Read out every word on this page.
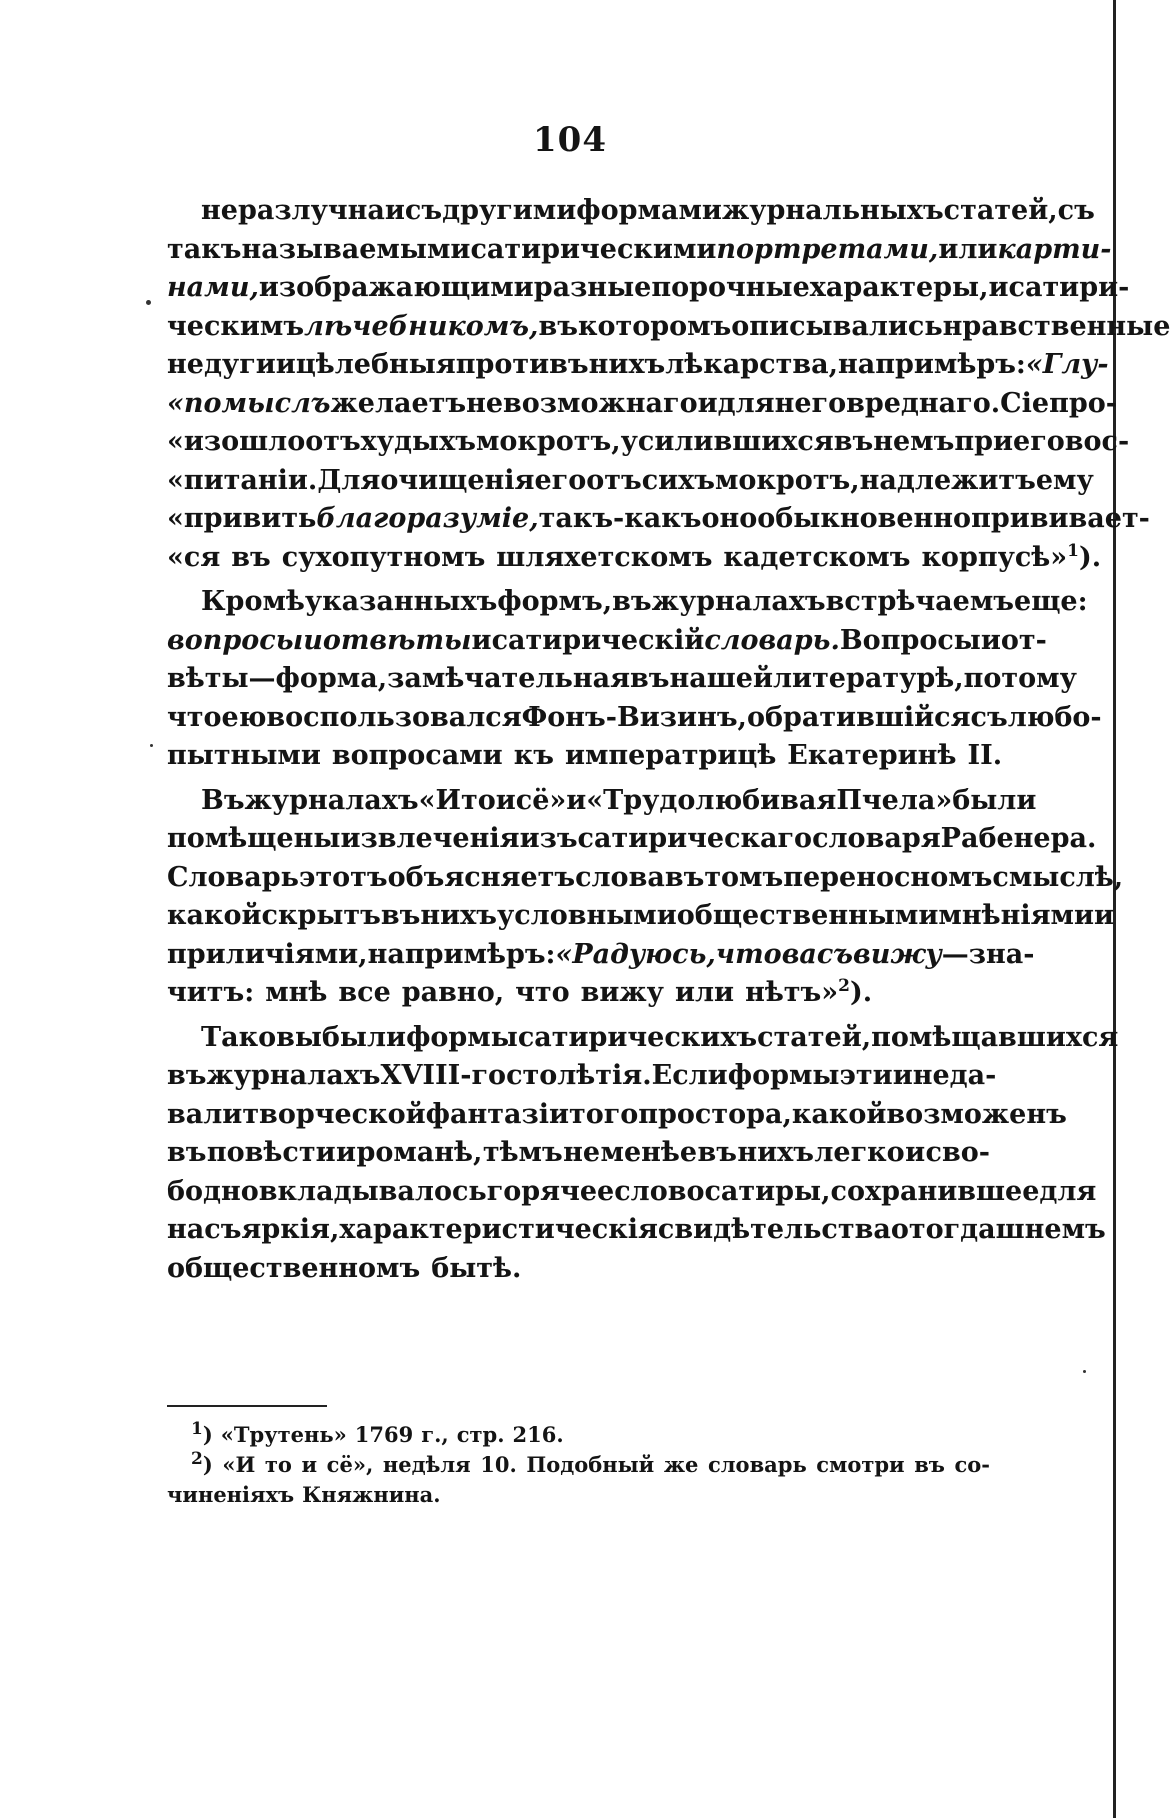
104
неразлучна и съ другими формами журнальныхъ статей, съ
такъ называемыми сатирическими портретами, или карти-
нами, изображающими разные порочные характеры, и сатири-
ческимъ лѣчебникомъ, въ которомъ описывались нравственные
недуги и цѣлебныя противъ нихъ лѣкарства, напримѣръ: «Глу-
«помыслъ желаетъ невозможнаго и для него вреднаго. Сіе про-
«изошло отъ худыхъ мокротъ, усилившихся въ немъ при его вос-
«питаніи. Для очищенія его отъ сихъ мокротъ, надлежитъ ему
«привить благоразуміе, такъ-какъ оно обыкновенно прививает-
«ся въ сухопутномъ шляхетскомъ кадетскомъ корпусѣ»$^1$).
Кромѣ указанныхъ формъ, въ журналахъ встрѣчаемъ еще:
вопросы и отвѣты и сатирическій словарь. Вопросы и от-
вѣты — форма, замѣчательная въ нашей литературѣ, потому
что ею воспользовался Фонъ-Визинъ, обратившійся съ любо-
пытными вопросами къ императрицѣ Екатеринѣ II.
Въ журналахъ «И то и сё» и «Трудолюбивая Пчела» были
помѣщены извлеченія изъ сатирическаго словаря Рабенера.
Словарь этотъ объясняетъ слова въ томъ переносномъ смыслѣ,
какой скрытъ въ нихъ условными общественными мнѣніями и
приличіями, напримѣръ: «Радуюсь, что васъ вижу — зна-
читъ: мнѣ все равно, что вижу или нѣтъ»$^2$).
Таковы были формы сатирическихъ статей, помѣщавшихся
въ журналахъ XVIII-го столѣтія. Если формы эти и не да-
вали творческой фантазіи того простора, какой возможенъ
въ повѣсти и романѣ, тѣмъ не менѣе въ нихъ легко и сво-
бодно вкладывалось горячее слово сатиры, сохранившее для
насъ яркія, характеристическія свидѣтельства о тогдашнемъ
общественномъ бытѣ.
$^1$) «Трутень» 1769 г., стр. 216.
$^2$) «И то и сё», недѣля 10. Подобный же словарь смотри въ со-
чиненіяхъ Княжнина.
